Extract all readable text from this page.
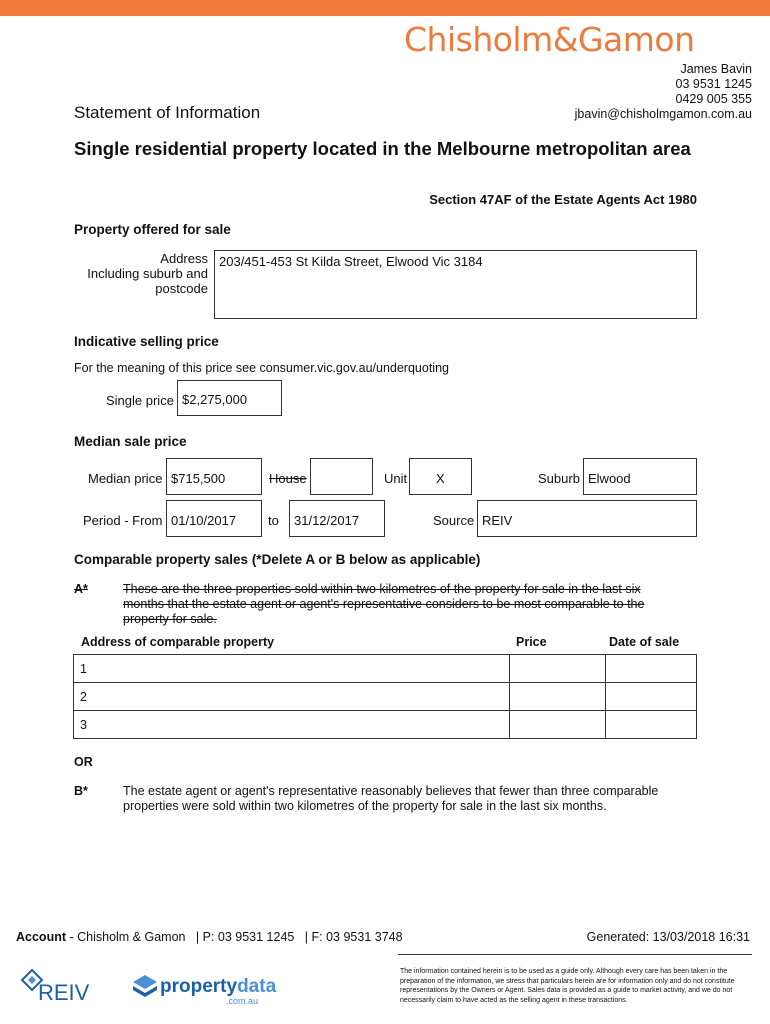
Chisholm&Gamon
James Bavin
03 9531 1245
0429 005 355
jbavin@chisholmgamon.com.au
Statement of Information
Single residential property located in the Melbourne metropolitan area
Section 47AF of the Estate Agents Act 1980
Property offered for sale
Address
Including suburb and
postcode
203/451-453 St Kilda Street, Elwood Vic 3184
Indicative selling price
For the meaning of this price see consumer.vic.gov.au/underquoting
Single price $2,275,000
Median sale price
Median price $715,500	House	Unit	X	Suburb Elwood
Period - From 01/10/2017	to	31/12/2017	Source REIV
Comparable property sales (*Delete A or B below as applicable)
A*	These are the three properties sold within two kilometres of the property for sale in the last six months that the estate agent or agent's representative considers to be most comparable to the property for sale.
Address of comparable property	Price	Date of sale
1		
2		
3		
OR
B*	The estate agent or agent's representative reasonably believes that fewer than three comparable properties were sold within two kilometres of the property for sale in the last six months.
Account - Chisholm & Gamon   | P: 03 9531 1245   | F: 03 9531 3748	Generated: 13/03/2018 16:31
The information contained herein is to be used as a guide only. Although every care has been taken in the preparation of the information, we stress that particulars herein are for information only and do not constitute representations by the Owners or Agent. Sales data is provided as a guide to market activity, and we do not necessarily claim to have acted as the selling agent in these transactions.
REIV	propertydata
.com.au
